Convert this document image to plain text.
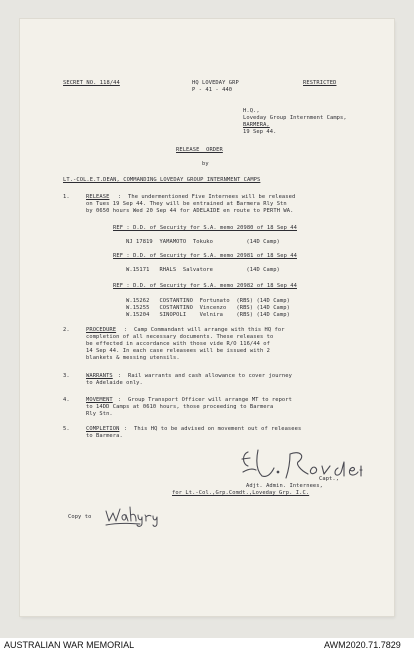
SECRET NO. 118/44	HQ LOVEDAY GRP
P - 41 - 440
RESTRICTED
H.Q.,
Loveday Group Internment Camps,
BARMERA,
19 Sep 44.
RELEASE  ORDER
by
LT.-COL.E.T.DEAN, COMMANDING LOVEDAY GROUP INTERNMENT CAMPS
1.	RELEASE :  The undermentioned Five Internees will be released
on Tues 19 Sep 44. They will be entrained at Barmera Rly Stn
by 0650 hours Wed 20 Sep 44 for ADELAIDE en route to PERTH WA.
REF : D.D. of Security for S.A. memo 20980 of 18 Sep 44
NJ 17819  YAMAMOTO  Tokuko          (14D Camp)
REF : D.D. of Security for S.A. memo 20981 of 18 Sep 44
W.15171   RHALS  Salvatore          (14D Camp)
REF : D.D. of Security for S.A. memo 20982 of 18 Sep 44
W.15262   COSTANTINO  Fortunato  (RBS) (14D Camp)
W.15255   COSTANTINO  Vincenzo   (RBS) (14D Camp)
W.15204   SINOPOLI    Velnira    (RBS) (14D Camp)
2.	PROCEDURE :  Camp Commandant will arrange with this HQ for
completion of all necessary documents. These releases to
be effected in accordance with those vide R/O 116/44 of
14 Sep 44. In each case releasees will be issued with 2
blankets & messing utensils.
3.	WARRANTS :  Rail warrants and cash allowance to cover journey
to Adelaide only.
4.	MOVEMENT :  Group Transport Officer will arrange MT to report
to 14DD Camps at 0610 hours, those proceeding to Barmera
Rly Stn.
5.	COMPLETION :  This HQ to be advised on movement out of releasees
to Barmera.
Capt.,
Adjt. Admin. Internees,
for Lt.-Col.,Grp.Comdt.,Loveday Grp. I.C.
Copy to
AUSTRALIAN WAR MEMORIAL	AWM2020.71.7829
